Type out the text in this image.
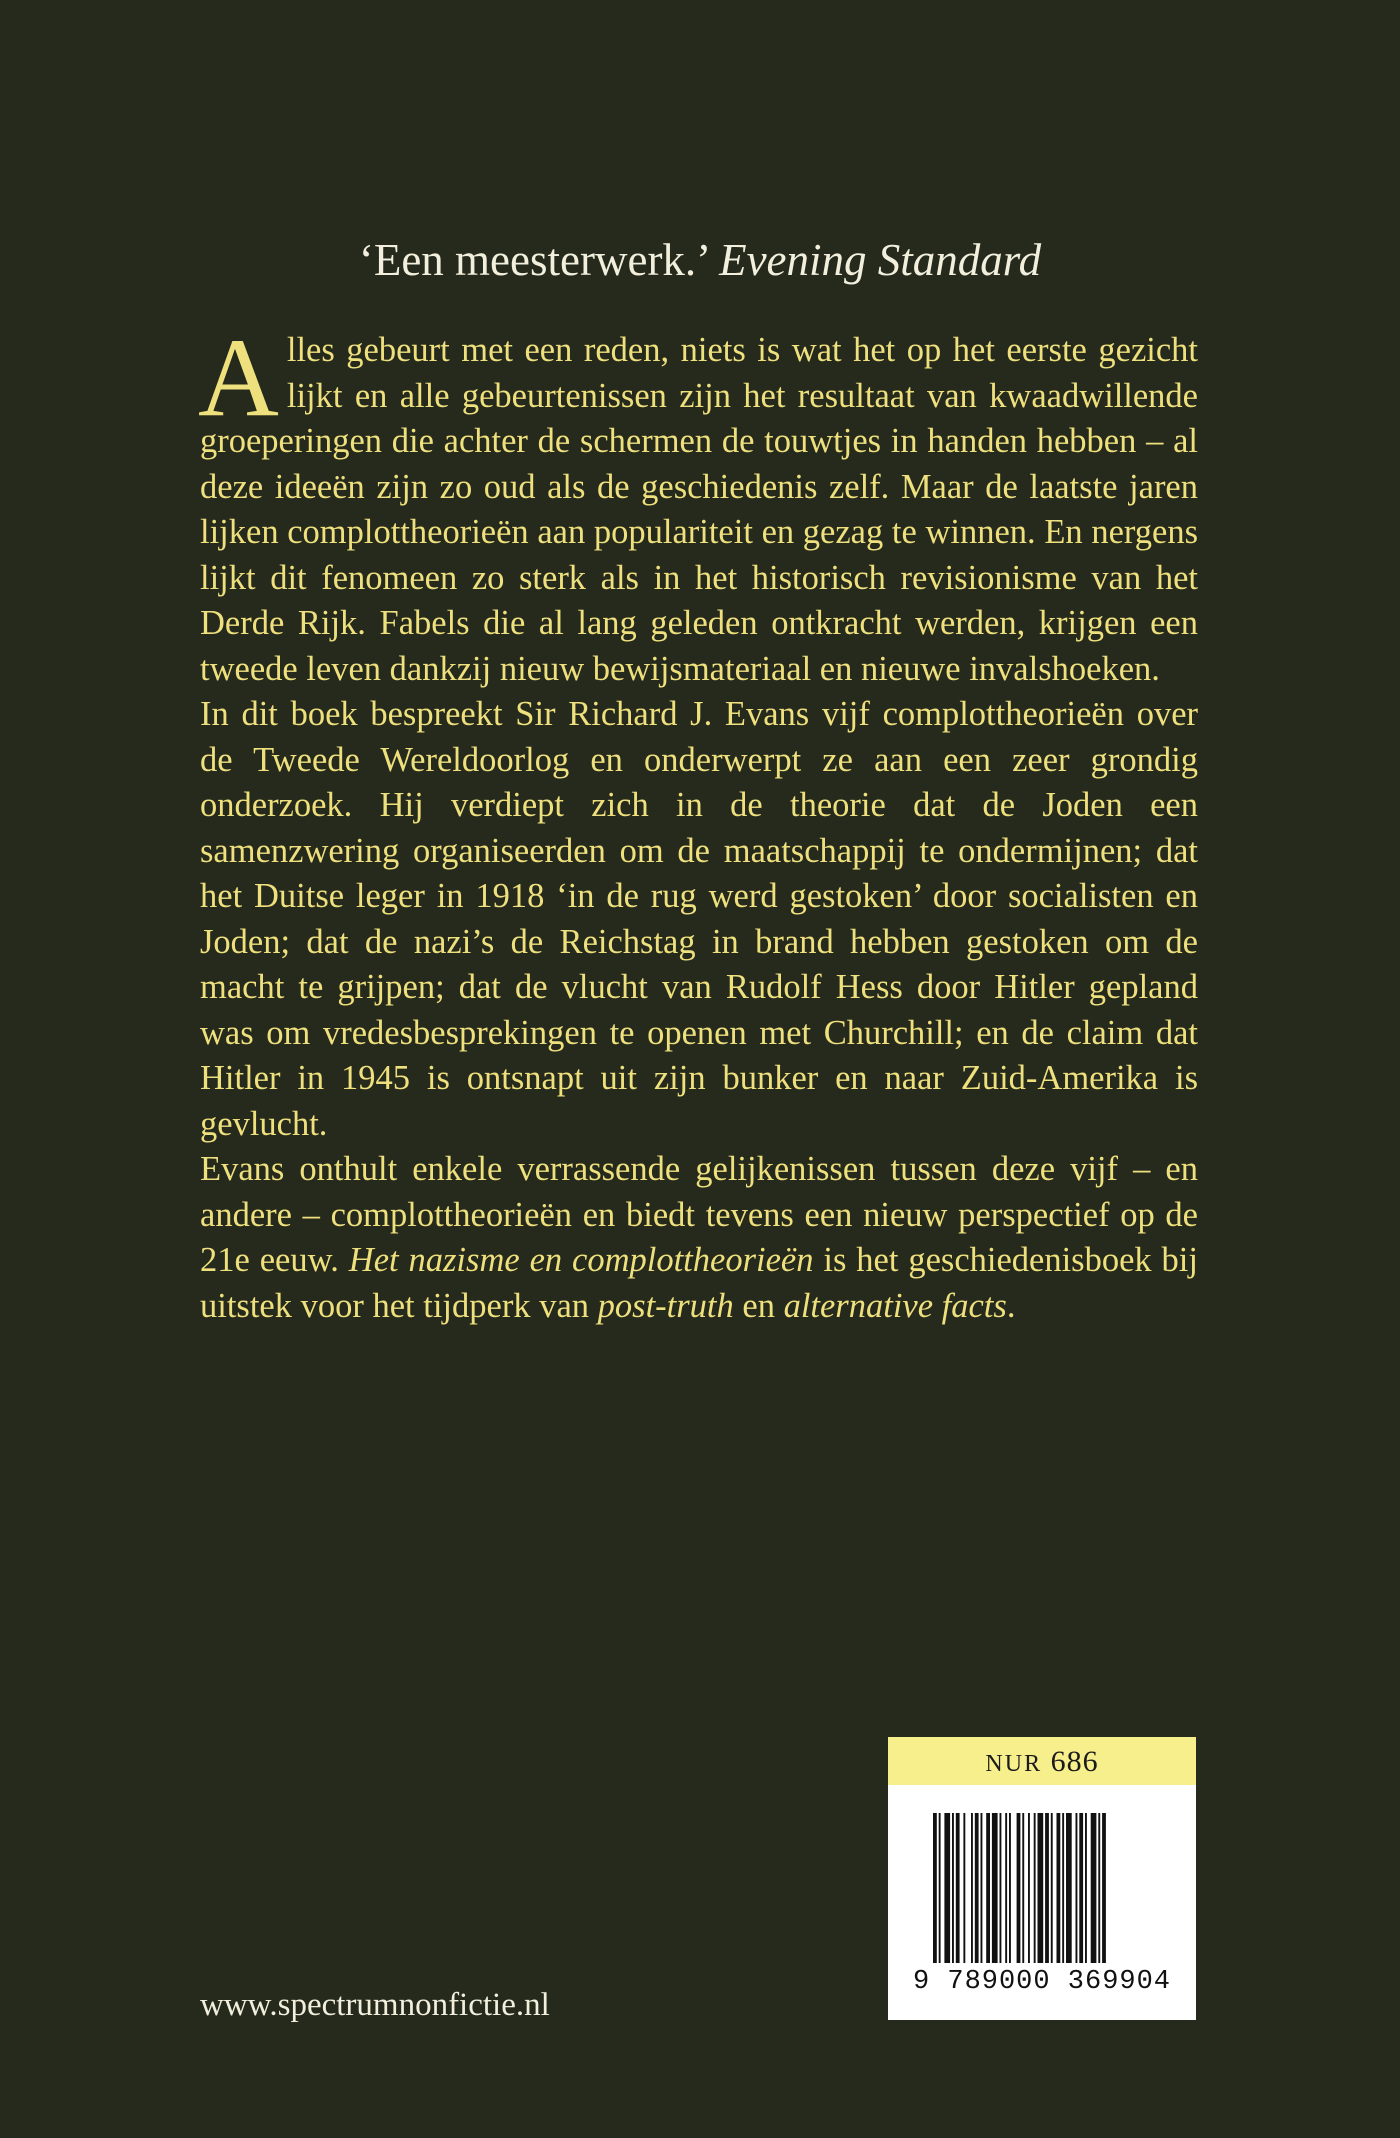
‘Een meesterwerk.’ Evening Standard

Alles gebeurt met een reden, niets is wat het op het eerste gezicht lijkt en alle gebeurtenissen zijn het resultaat van kwaadwillende groeperingen die achter de schermen de touwtjes in handen hebben – al deze ideeën zijn zo oud als de geschiedenis zelf. Maar de laatste jaren lijken complottheorieën aan populariteit en gezag te winnen. En nergens lijkt dit fenomeen zo sterk als in het historisch revisionisme van het Derde Rijk. Fabels die al lang geleden ontkracht werden, krijgen een tweede leven dankzij nieuw bewijsmateriaal en nieuwe invalshoeken.

In dit boek bespreekt Sir Richard J. Evans vijf complottheorieën over de Tweede Wereldoorlog en onderwerpt ze aan een zeer grondig onderzoek. Hij verdiept zich in de theorie dat de Joden een samenzwering organiseerden om de maatschappij te ondermijnen; dat het Duitse leger in 1918 ‘in de rug werd gestoken’ door socialisten en Joden; dat de nazi’s de Reichstag in brand hebben gestoken om de macht te grijpen; dat de vlucht van Rudolf Hess door Hitler gepland was om vredesbesprekingen te openen met Churchill; en de claim dat Hitler in 1945 is ontsnapt uit zijn bunker en naar Zuid-Amerika is gevlucht.

Evans onthult enkele verrassende gelijkenissen tussen deze vijf – en andere – complottheorieën en biedt tevens een nieuw perspectief op de 21e eeuw. Het nazisme en complottheorieën is het geschiedenisboek bij uitstek voor het tijdperk van post-truth en alternative facts.

www.spectrumnonfictie.nl
NUR 686
9 789000 369904
